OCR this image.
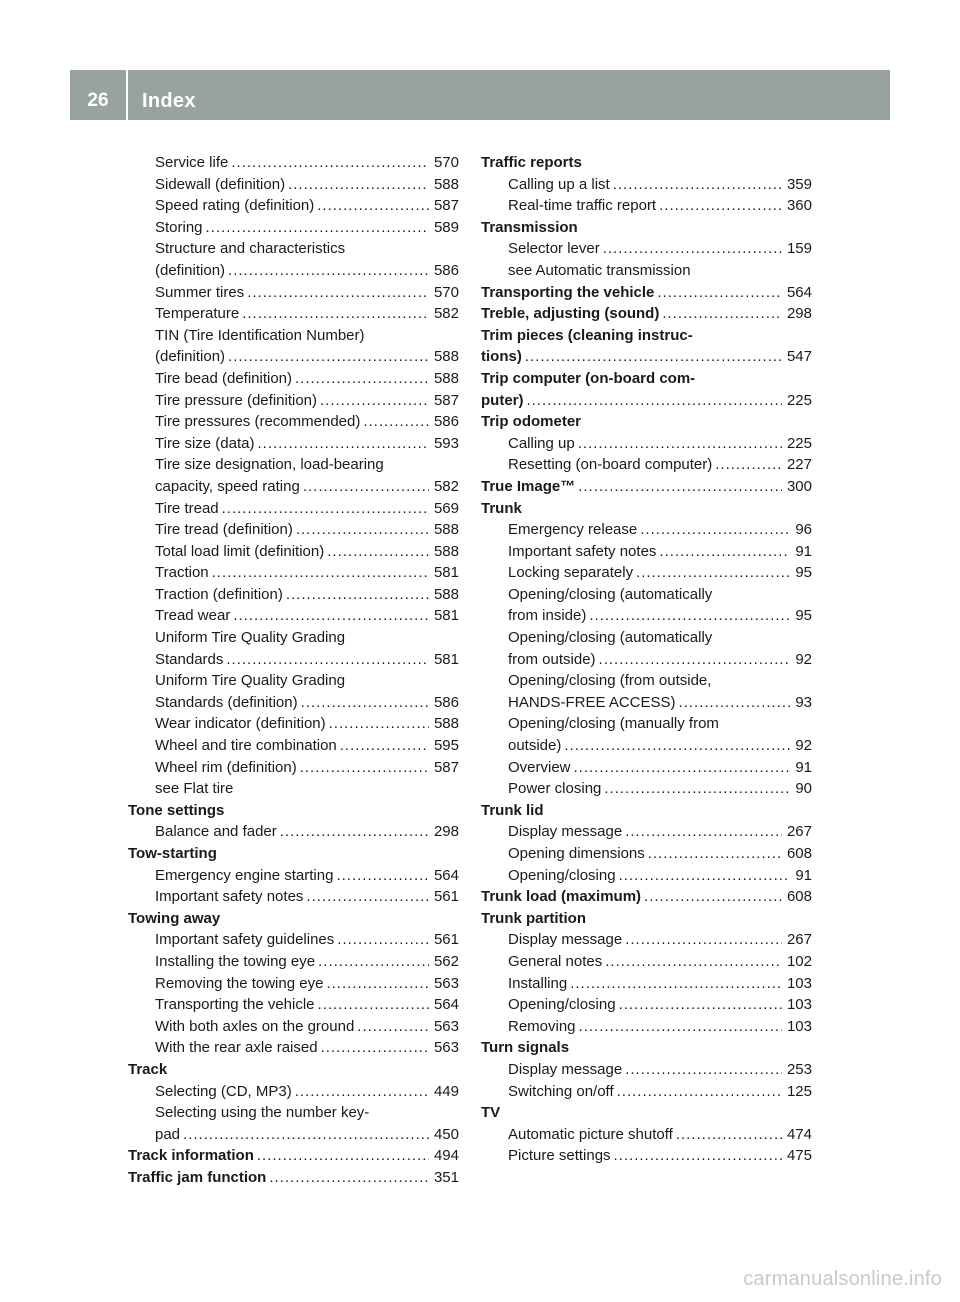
26	Index
Service life .....	570
Sidewall (definition) .....	588
Speed rating (definition) .....	587
Storing .....	589
Structure and characteristics
(definition) .....	586
Summer tires .....	570
Temperature .....	582
TIN (Tire Identification Number)
(definition) .....	588
Tire bead (definition) .....	588
Tire pressure (definition) .....	587
Tire pressures (recommended) .....	586
Tire size (data) .....	593
Tire size designation, load-bearing
capacity, speed rating .....	582
Tire tread .....	569
Tire tread (definition) .....	588
Total load limit (definition) .....	588
Traction .....	581
Traction (definition) .....	588
Tread wear .....	581
Uniform Tire Quality Grading
Standards .....	581
Uniform Tire Quality Grading
Standards (definition) .....	586
Wear indicator (definition) .....	588
Wheel and tire combination .....	595
Wheel rim (definition) .....	587
see Flat tire
Tone settings
Balance and fader .....	298
Tow-starting
Emergency engine starting .....	564
Important safety notes .....	561
Towing away
Important safety guidelines .....	561
Installing the towing eye .....	562
Removing the towing eye .....	563
Transporting the vehicle .....	564
With both axles on the ground .....	563
With the rear axle raised .....	563
Track
Selecting (CD, MP3) .....	449
Selecting using the number key-
pad .....	450
Track information .....	494
Traffic jam function .....	351
Traffic reports
Calling up a list .....	359
Real-time traffic report .....	360
Transmission
Selector lever .....	159
see Automatic transmission
Transporting the vehicle .....	564
Treble, adjusting (sound) .....	298
Trim pieces (cleaning instruc-
tions) .....	547
Trip computer (on-board com-
puter) .....	225
Trip odometer
Calling up .....	225
Resetting (on-board computer) .....	227
True Image™ .....	300
Trunk
Emergency release .....	96
Important safety notes .....	91
Locking separately .....	95
Opening/closing (automatically
from inside) .....	95
Opening/closing (automatically
from outside) .....	92
Opening/closing (from outside,
HANDS-FREE ACCESS) .....	93
Opening/closing (manually from
outside) .....	92
Overview .....	91
Power closing .....	90
Trunk lid
Display message .....	267
Opening dimensions .....	608
Opening/closing .....	91
Trunk load (maximum) .....	608
Trunk partition
Display message .....	267
General notes .....	102
Installing .....	103
Opening/closing .....	103
Removing .....	103
Turn signals
Display message .....	253
Switching on/off .....	125
TV
Automatic picture shutoff .....	474
Picture settings .....	475
carmanualsonline.info
